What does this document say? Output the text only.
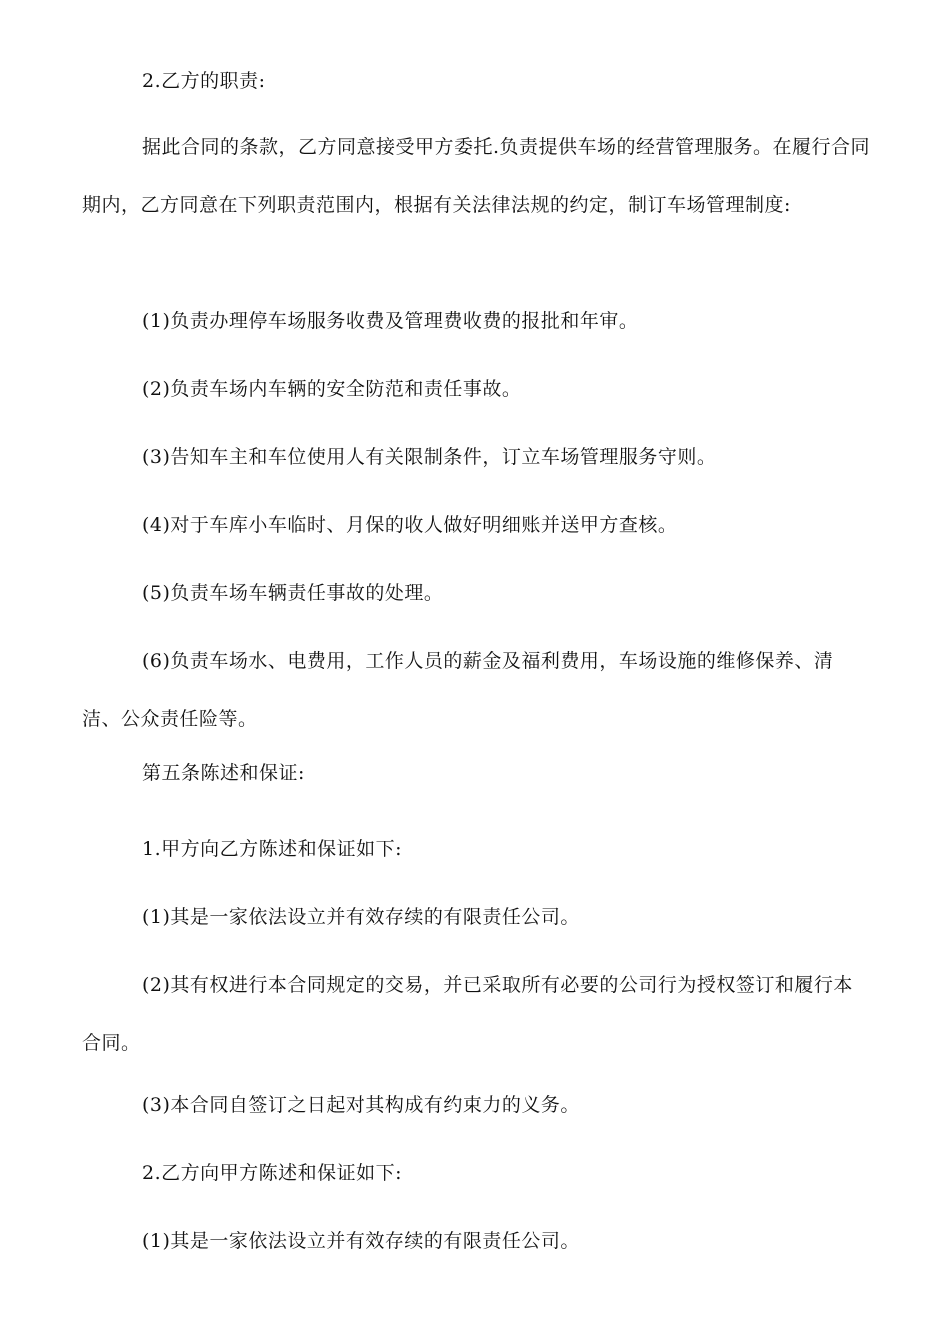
2.乙方的职责:

据此合同的条款，乙方同意接受甲方委托.负责提供车场的经营管理服务。在履行合同期内，乙方同意在下列职责范围内，根据有关法律法规的约定，制订车场管理制度:

(1)负责办理停车场服务收费及管理费收费的报批和年审。

(2)负责车场内车辆的安全防范和责任事故。

(3)告知车主和车位使用人有关限制条件，订立车场管理服务守则。

(4)对于车库小车临时、月保的收人做好明细账并送甲方查核。

(5)负责车场车辆责任事故的处理。

(6)负责车场水、电费用，工作人员的薪金及福利费用，车场设施的维修保养、清洁、公众责任险等。

第五条陈述和保证:

1.甲方向乙方陈述和保证如下:

(1)其是一家依法设立并有效存续的有限责任公司。

(2)其有权进行本合同规定的交易，并已采取所有必要的公司行为授权签订和履行本合同。

(3)本合同自签订之日起对其构成有约束力的义务。

2.乙方向甲方陈述和保证如下:

(1)其是一家依法设立并有效存续的有限责任公司。
